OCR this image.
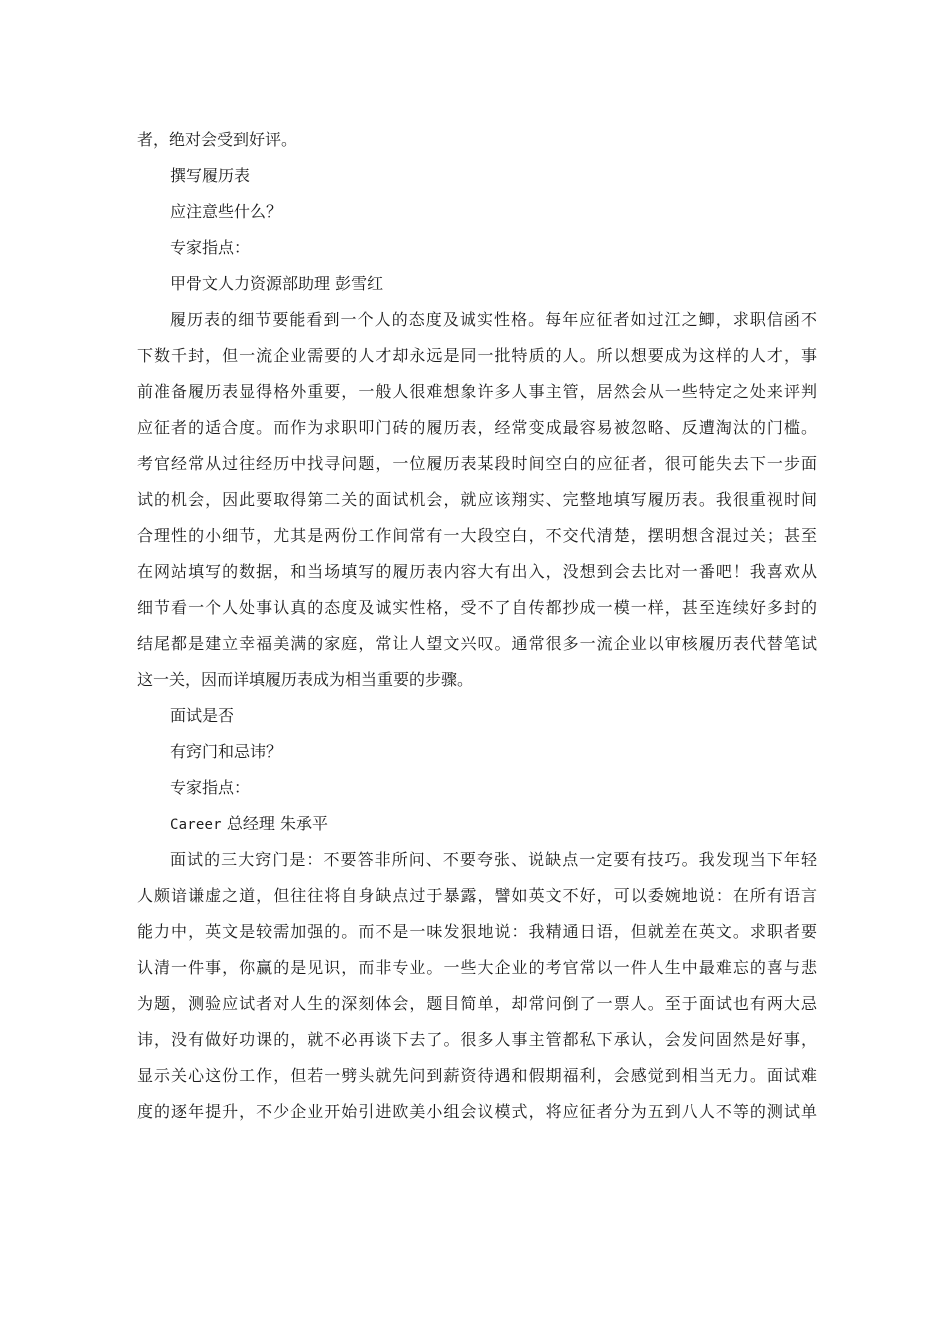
者，绝对会受到好评。
撰写履历表
应注意些什么？
专家指点：
甲骨文人力资源部助理 彭雪红
履历表的细节要能看到一个人的态度及诚实性格。每年应征者如过江之鲫，求职信函不
下数千封，但一流企业需要的人才却永远是同一批特质的人。所以想要成为这样的人才，事
前准备履历表显得格外重要，一般人很难想象许多人事主管，居然会从一些特定之处来评判
应征者的适合度。而作为求职叩门砖的履历表，经常变成最容易被忽略、反遭淘汰的门槛。
考官经常从过往经历中找寻问题，一位履历表某段时间空白的应征者，很可能失去下一步面
试的机会，因此要取得第二关的面试机会，就应该翔实、完整地填写履历表。我很重视时间
合理性的小细节，尤其是两份工作间常有一大段空白，不交代清楚，摆明想含混过关；甚至
在网站填写的数据，和当场填写的履历表内容大有出入，没想到会去比对一番吧！我喜欢从
细节看一个人处事认真的态度及诚实性格，受不了自传都抄成一模一样，甚至连续好多封的
结尾都是建立幸福美满的家庭，常让人望文兴叹。通常很多一流企业以审核履历表代替笔试
这一关，因而详填履历表成为相当重要的步骤。
面试是否
有窍门和忌讳？
专家指点：
Career 总经理 朱承平
面试的三大窍门是：不要答非所问、不要夸张、说缺点一定要有技巧。我发现当下年轻
人颇谙谦虚之道，但往往将自身缺点过于暴露，譬如英文不好，可以委婉地说：在所有语言
能力中，英文是较需加强的。而不是一味发狠地说：我精通日语，但就差在英文。求职者要
认清一件事，你赢的是见识，而非专业。一些大企业的考官常以一件人生中最难忘的喜与悲
为题，测验应试者对人生的深刻体会，题目简单，却常问倒了一票人。至于面试也有两大忌
讳，没有做好功课的，就不必再谈下去了。很多人事主管都私下承认，会发问固然是好事，
显示关心这份工作，但若一劈头就先问到薪资待遇和假期福利，会感觉到相当无力。面试难
度的逐年提升，不少企业开始引进欧美小组会议模式，将应征者分为五到八人不等的测试单
